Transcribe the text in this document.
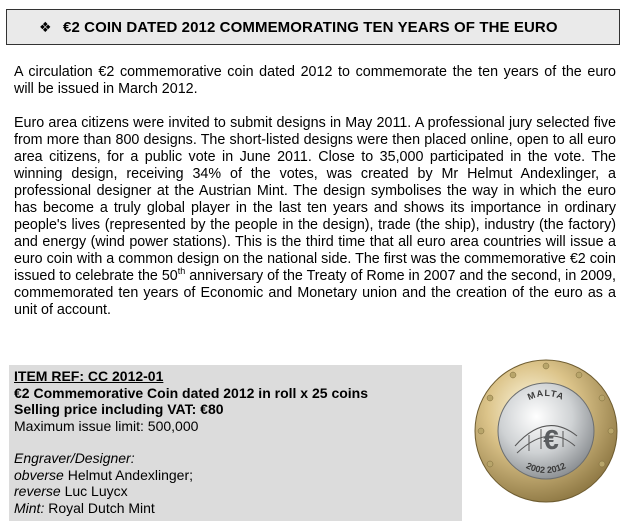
❖ €2 COIN DATED 2012 COMMEMORATING TEN YEARS OF THE EURO

A circulation €2 commemorative coin dated 2012 to commemorate the ten years of the euro will be issued in March 2012.

Euro area citizens were invited to submit designs in May 2011. A professional jury selected five from more than 800 designs. The short-listed designs were then placed online, open to all euro area citizens, for a public vote in June 2011. Close to 35,000 participated in the vote. The winning design, receiving 34% of the votes, was created by Mr Helmut Andexlinger, a professional designer at the Austrian Mint. The design symbolises the way in which the euro has become a truly global player in the last ten years and shows its importance in ordinary people's lives (represented by the people in the design), trade (the ship), industry (the factory) and energy (wind power stations). This is the third time that all euro area countries will issue a euro coin with a common design on the national side. The first was the commemorative €2 coin issued to celebrate the 50th anniversary of the Treaty of Rome in 2007 and the second, in 2009, commemorated ten years of Economic and Monetary union and the creation of the euro as a unit of account.

ITEM REF: CC 2012-01
€2 Commemorative Coin dated 2012 in roll x 25 coins
Selling price including VAT: €80
Maximum issue limit: 500,000
Engraver/Designer:
obverse Helmut Andexlinger;
reverse Luc Luycx
Mint: Royal Dutch Mint
MALTA
€
2002 2012
